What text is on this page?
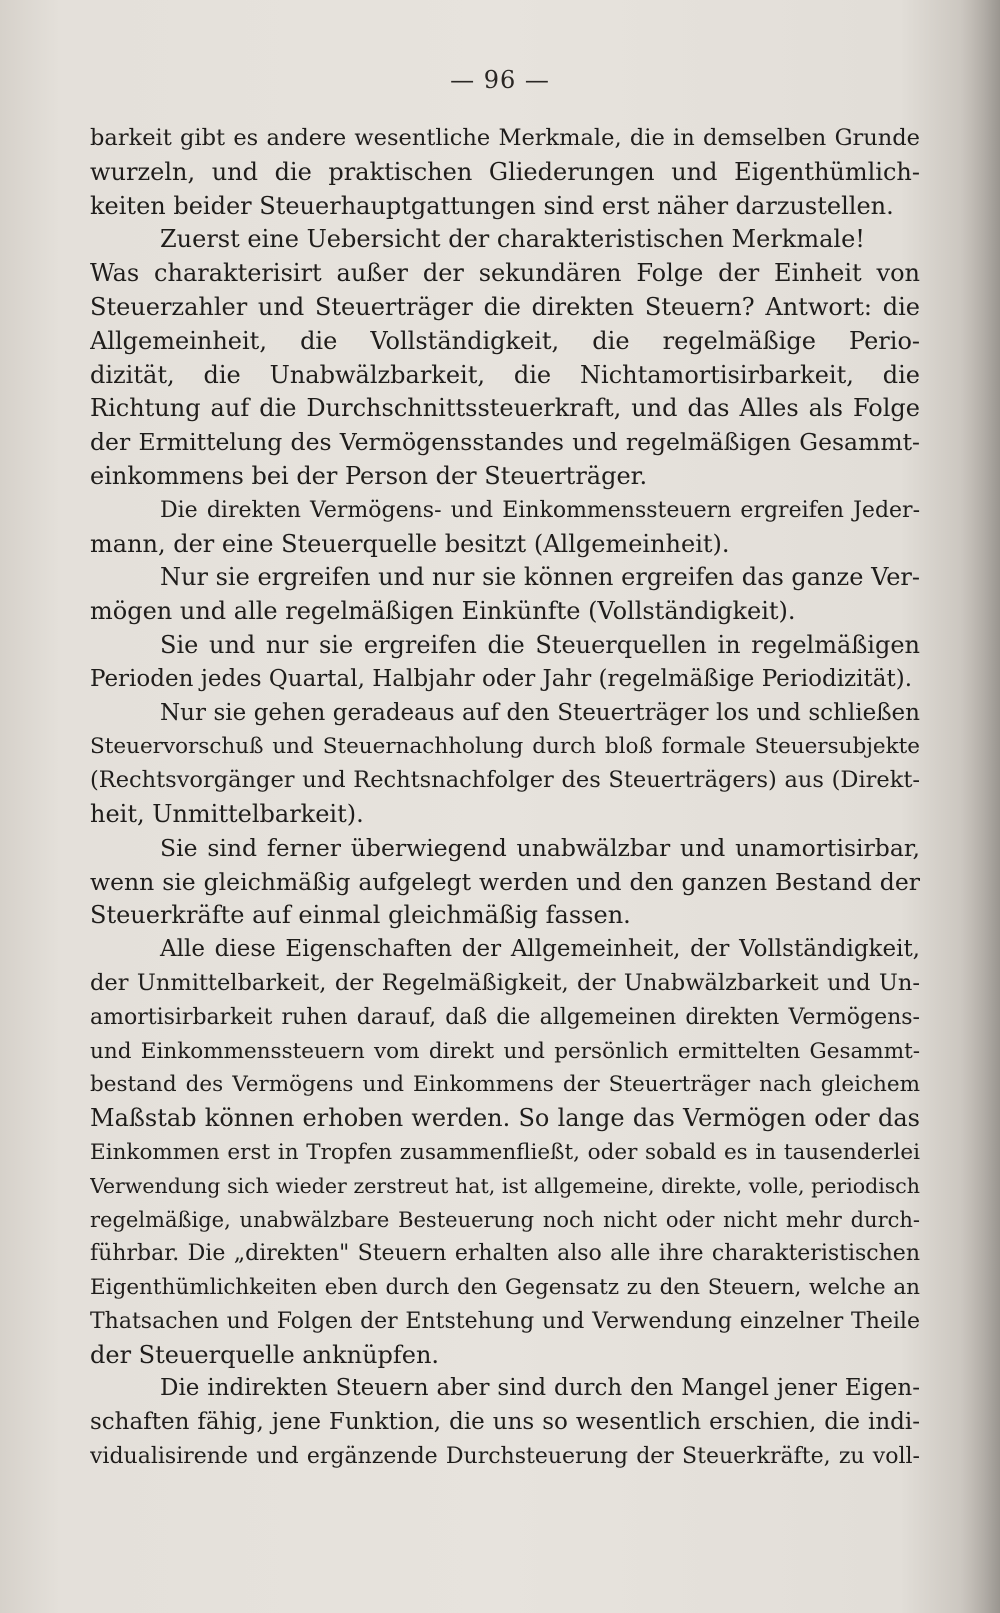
— 96 —
barkeit gibt es andere wesentliche Merkmale, die in demselben Grunde
wurzeln, und die praktischen Gliederungen und Eigenthümlich-
keiten beider Steuerhauptgattungen sind erst näher darzustellen.
Zuerst eine Uebersicht der charakteristischen Merkmale!
Was charakterisirt außer der sekundären Folge der Einheit von
Steuerzahler und Steuerträger die direkten Steuern? Antwort: die
Allgemeinheit, die Vollständigkeit, die regelmäßige Perio-
dizität, die Unabwälzbarkeit, die Nichtamortisirbarkeit, die
Richtung auf die Durchschnittssteuerkraft, und das Alles als Folge
der Ermittelung des Vermögensstandes und regelmäßigen Gesammt-
einkommens bei der Person der Steuerträger.
Die direkten Vermögens- und Einkommenssteuern ergreifen Jeder-
mann, der eine Steuerquelle besitzt (Allgemeinheit).
Nur sie ergreifen und nur sie können ergreifen das ganze Ver-
mögen und alle regelmäßigen Einkünfte (Vollständigkeit).
Sie und nur sie ergreifen die Steuerquellen in regelmäßigen
Perioden jedes Quartal, Halbjahr oder Jahr (regelmäßige Periodizität).
Nur sie gehen geradeaus auf den Steuerträger los und schließen
Steuervorschuß und Steuernachholung durch bloß formale Steuersubjekte
(Rechtsvorgänger und Rechtsnachfolger des Steuerträgers) aus (Direkt-
heit, Unmittelbarkeit).
Sie sind ferner überwiegend unabwälzbar und unamortisirbar,
wenn sie gleichmäßig aufgelegt werden und den ganzen Bestand der
Steuerkräfte auf einmal gleichmäßig fassen.
Alle diese Eigenschaften der Allgemeinheit, der Vollständigkeit,
der Unmittelbarkeit, der Regelmäßigkeit, der Unabwälzbarkeit und Un-
amortisirbarkeit ruhen darauf, daß die allgemeinen direkten Vermögens-
und Einkommenssteuern vom direkt und persönlich ermittelten Gesammt-
bestand des Vermögens und Einkommens der Steuerträger nach gleichem
Maßstab können erhoben werden. So lange das Vermögen oder das
Einkommen erst in Tropfen zusammenfließt, oder sobald es in tausenderlei
Verwendung sich wieder zerstreut hat, ist allgemeine, direkte, volle, periodisch
regelmäßige, unabwälzbare Besteuerung noch nicht oder nicht mehr durch-
führbar. Die „direkten" Steuern erhalten also alle ihre charakteristischen
Eigenthümlichkeiten eben durch den Gegensatz zu den Steuern, welche an
Thatsachen und Folgen der Entstehung und Verwendung einzelner Theile
der Steuerquelle anknüpfen.
Die indirekten Steuern aber sind durch den Mangel jener Eigen-
schaften fähig, jene Funktion, die uns so wesentlich erschien, die indi-
vidualisirende und ergänzende Durchsteuerung der Steuerkräfte, zu voll-
